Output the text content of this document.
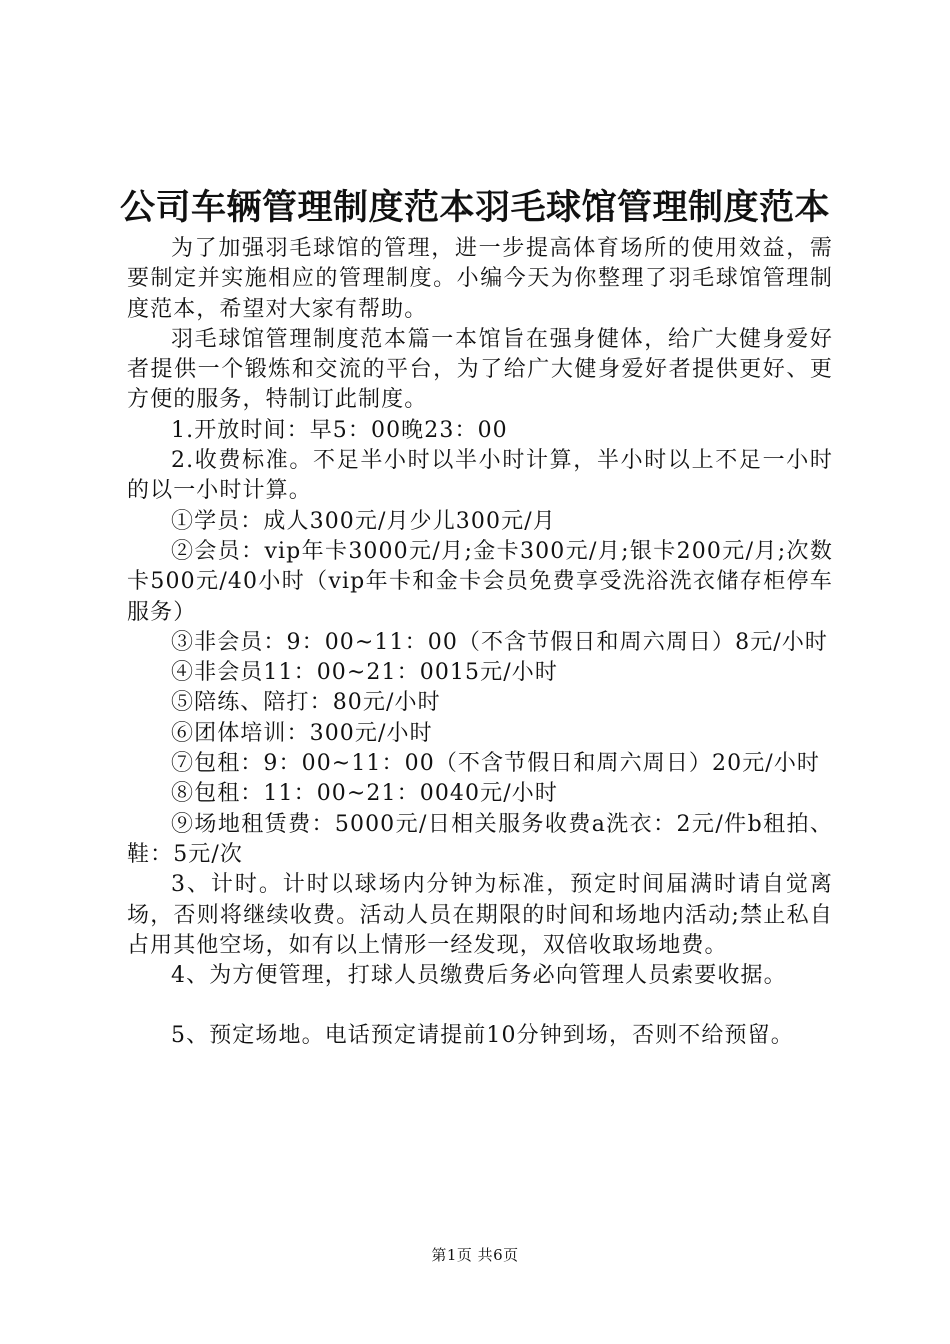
公司车辆管理制度范本羽毛球馆管理制度范本

为了加强羽毛球馆的管理，进一步提高体育场所的使用效益，需要制定并实施相应的管理制度。小编今天为你整理了羽毛球馆管理制度范本，希望对大家有帮助。

羽毛球馆管理制度范本篇一本馆旨在强身健体，给广大健身爱好者提供一个锻炼和交流的平台，为了给广大健身爱好者提供更好、更方便的服务，特制订此制度。

1.开放时间：早5：00晚23：00

2.收费标准。不足半小时以半小时计算，半小时以上不足一小时的以一小时计算。

①学员：成人300元/月少儿300元/月

②会员：vip年卡3000元/月;金卡300元/月;银卡200元/月;次数卡500元/40小时（vip年卡和金卡会员免费享受洗浴洗衣储存柜停车服务）

③非会员：9：00~11：00（不含节假日和周六周日）8元/小时

④非会员11：00~21：0015元/小时

⑤陪练、陪打：80元/小时

⑥团体培训：300元/小时

⑦包租：9：00~11：00（不含节假日和周六周日）20元/小时

⑧包租：11：00~21：0040元/小时

⑨场地租赁费：5000元/日相关服务收费a洗衣：2元/件b租拍、鞋：5元/次

3、计时。计时以球场内分钟为标准，预定时间届满时请自觉离场，否则将继续收费。活动人员在期限的时间和场地内活动;禁止私自占用其他空场，如有以上情形一经发现，双倍收取场地费。

4、为方便管理，打球人员缴费后务必向管理人员索要收据。

5、预定场地。电话预定请提前10分钟到场，否则不给预留。

第1页 共6页
